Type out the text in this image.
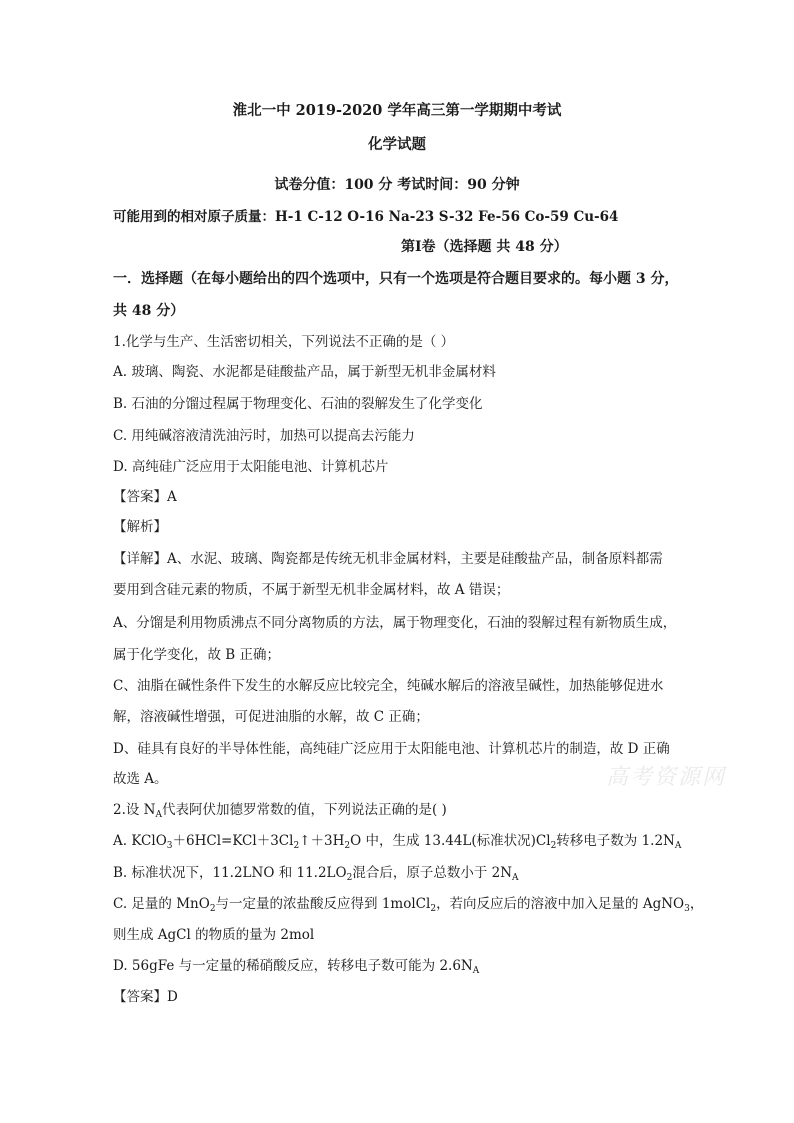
淮北一中 2019-2020 学年高三第一学期期中考试
化学试题
试卷分值：100 分 考试时间：90 分钟
可能用到的相对原子质量：H-1 C-12 O-16 Na-23 S-32 Fe-56 Co-59 Cu-64
第Ⅰ卷（选择题 共 48 分）
一．选择题（在每小题给出的四个选项中，只有一个选项是符合题目要求的。每小题 3 分，
共 48 分）
1.化学与生产、生活密切相关，下列说法不正确的是（ ）
A. 玻璃、陶瓷、水泥都是硅酸盐产品，属于新型无机非金属材料
B. 石油的分馏过程属于物理变化、石油的裂解发生了化学变化
C. 用纯碱溶液清洗油污时，加热可以提高去污能力
D. 高纯硅广泛应用于太阳能电池、计算机芯片
【答案】A
【解析】
【详解】A、水泥、玻璃、陶瓷都是传统无机非金属材料，主要是硅酸盐产品，制备原料都需
要用到含硅元素的物质，不属于新型无机非金属材料，故 A 错误；
A、分馏是利用物质沸点不同分离物质的方法，属于物理变化，石油的裂解过程有新物质生成，
属于化学变化，故 B 正确；
C、油脂在碱性条件下发生的水解反应比较完全，纯碱水解后的溶液呈碱性，加热能够促进水
解，溶液碱性增强，可促进油脂的水解，故 C 正确；
D、硅具有良好的半导体性能，高纯硅广泛应用于太阳能电池、计算机芯片的制造，故 D 正确
故选 A。
2.设 $N_A$代表阿伏加德罗常数的值，下列说法正确的是( )
A. $KClO_3+6HCl=KCl+3Cl_2↑+3H_2O$ 中，生成 13.44L(标准状况)$Cl_2$转移电子数为 $1.2N_A$
B. 标准状况下，11.2LNO 和 $11.2LO_2$混合后，原子总数小于 $2N_A$
C. 足量的 MnO$_2$与一定量的浓盐酸反应得到 1molCl$_2$，若向反应后的溶液中加入足量的 AgNO$_3$，
则生成 AgCl 的物质的量为 2mol
D. 56gFe 与一定量的稀硝酸反应，转移电子数可能为 $2.6N_A$
【答案】D
高考资源网
